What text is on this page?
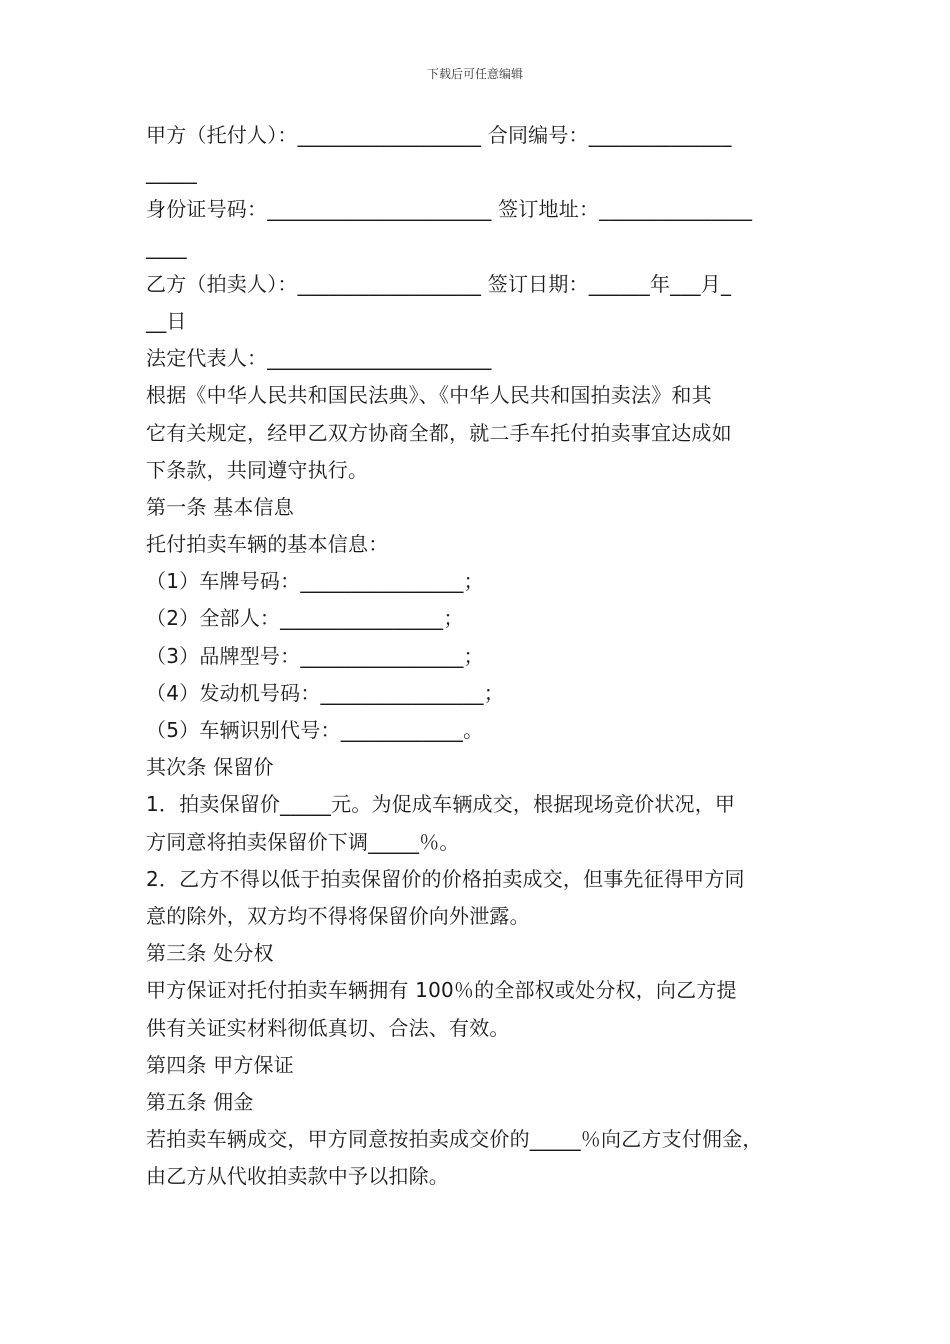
下载后可任意编辑
甲方（托付人）：__________________ 合同编号：______________
_____
身份证号码：______________________ 签订地址：_______________
____
乙方（拍卖人）：__________________ 签订日期：______年___月_
__日
法定代表人：______________________
根据《中华人民共和国民法典》、《中华人民共和国拍卖法》和其
它有关规定，经甲乙双方协商全都，就二手车托付拍卖事宜达成如
下条款，共同遵守执行。
第一条 基本信息
托付拍卖车辆的基本信息：
（1）车牌号码：________________；
（2）全部人：________________；
（3）品牌型号：________________；
（4）发动机号码：________________；
（5）车辆识别代号：____________。
其次条 保留价
1．拍卖保留价_____元。为促成车辆成交，根据现场竞价状况，甲
方同意将拍卖保留价下调_____％。
2．乙方不得以低于拍卖保留价的价格拍卖成交，但事先征得甲方同
意的除外，双方均不得将保留价向外泄露。
第三条 处分权
甲方保证对托付拍卖车辆拥有 100％的全部权或处分权，向乙方提
供有关证实材料彻低真切、合法、有效。
第四条 甲方保证
第五条 佣金
若拍卖车辆成交，甲方同意按拍卖成交价的_____％向乙方支付佣金，
由乙方从代收拍卖款中予以扣除。
